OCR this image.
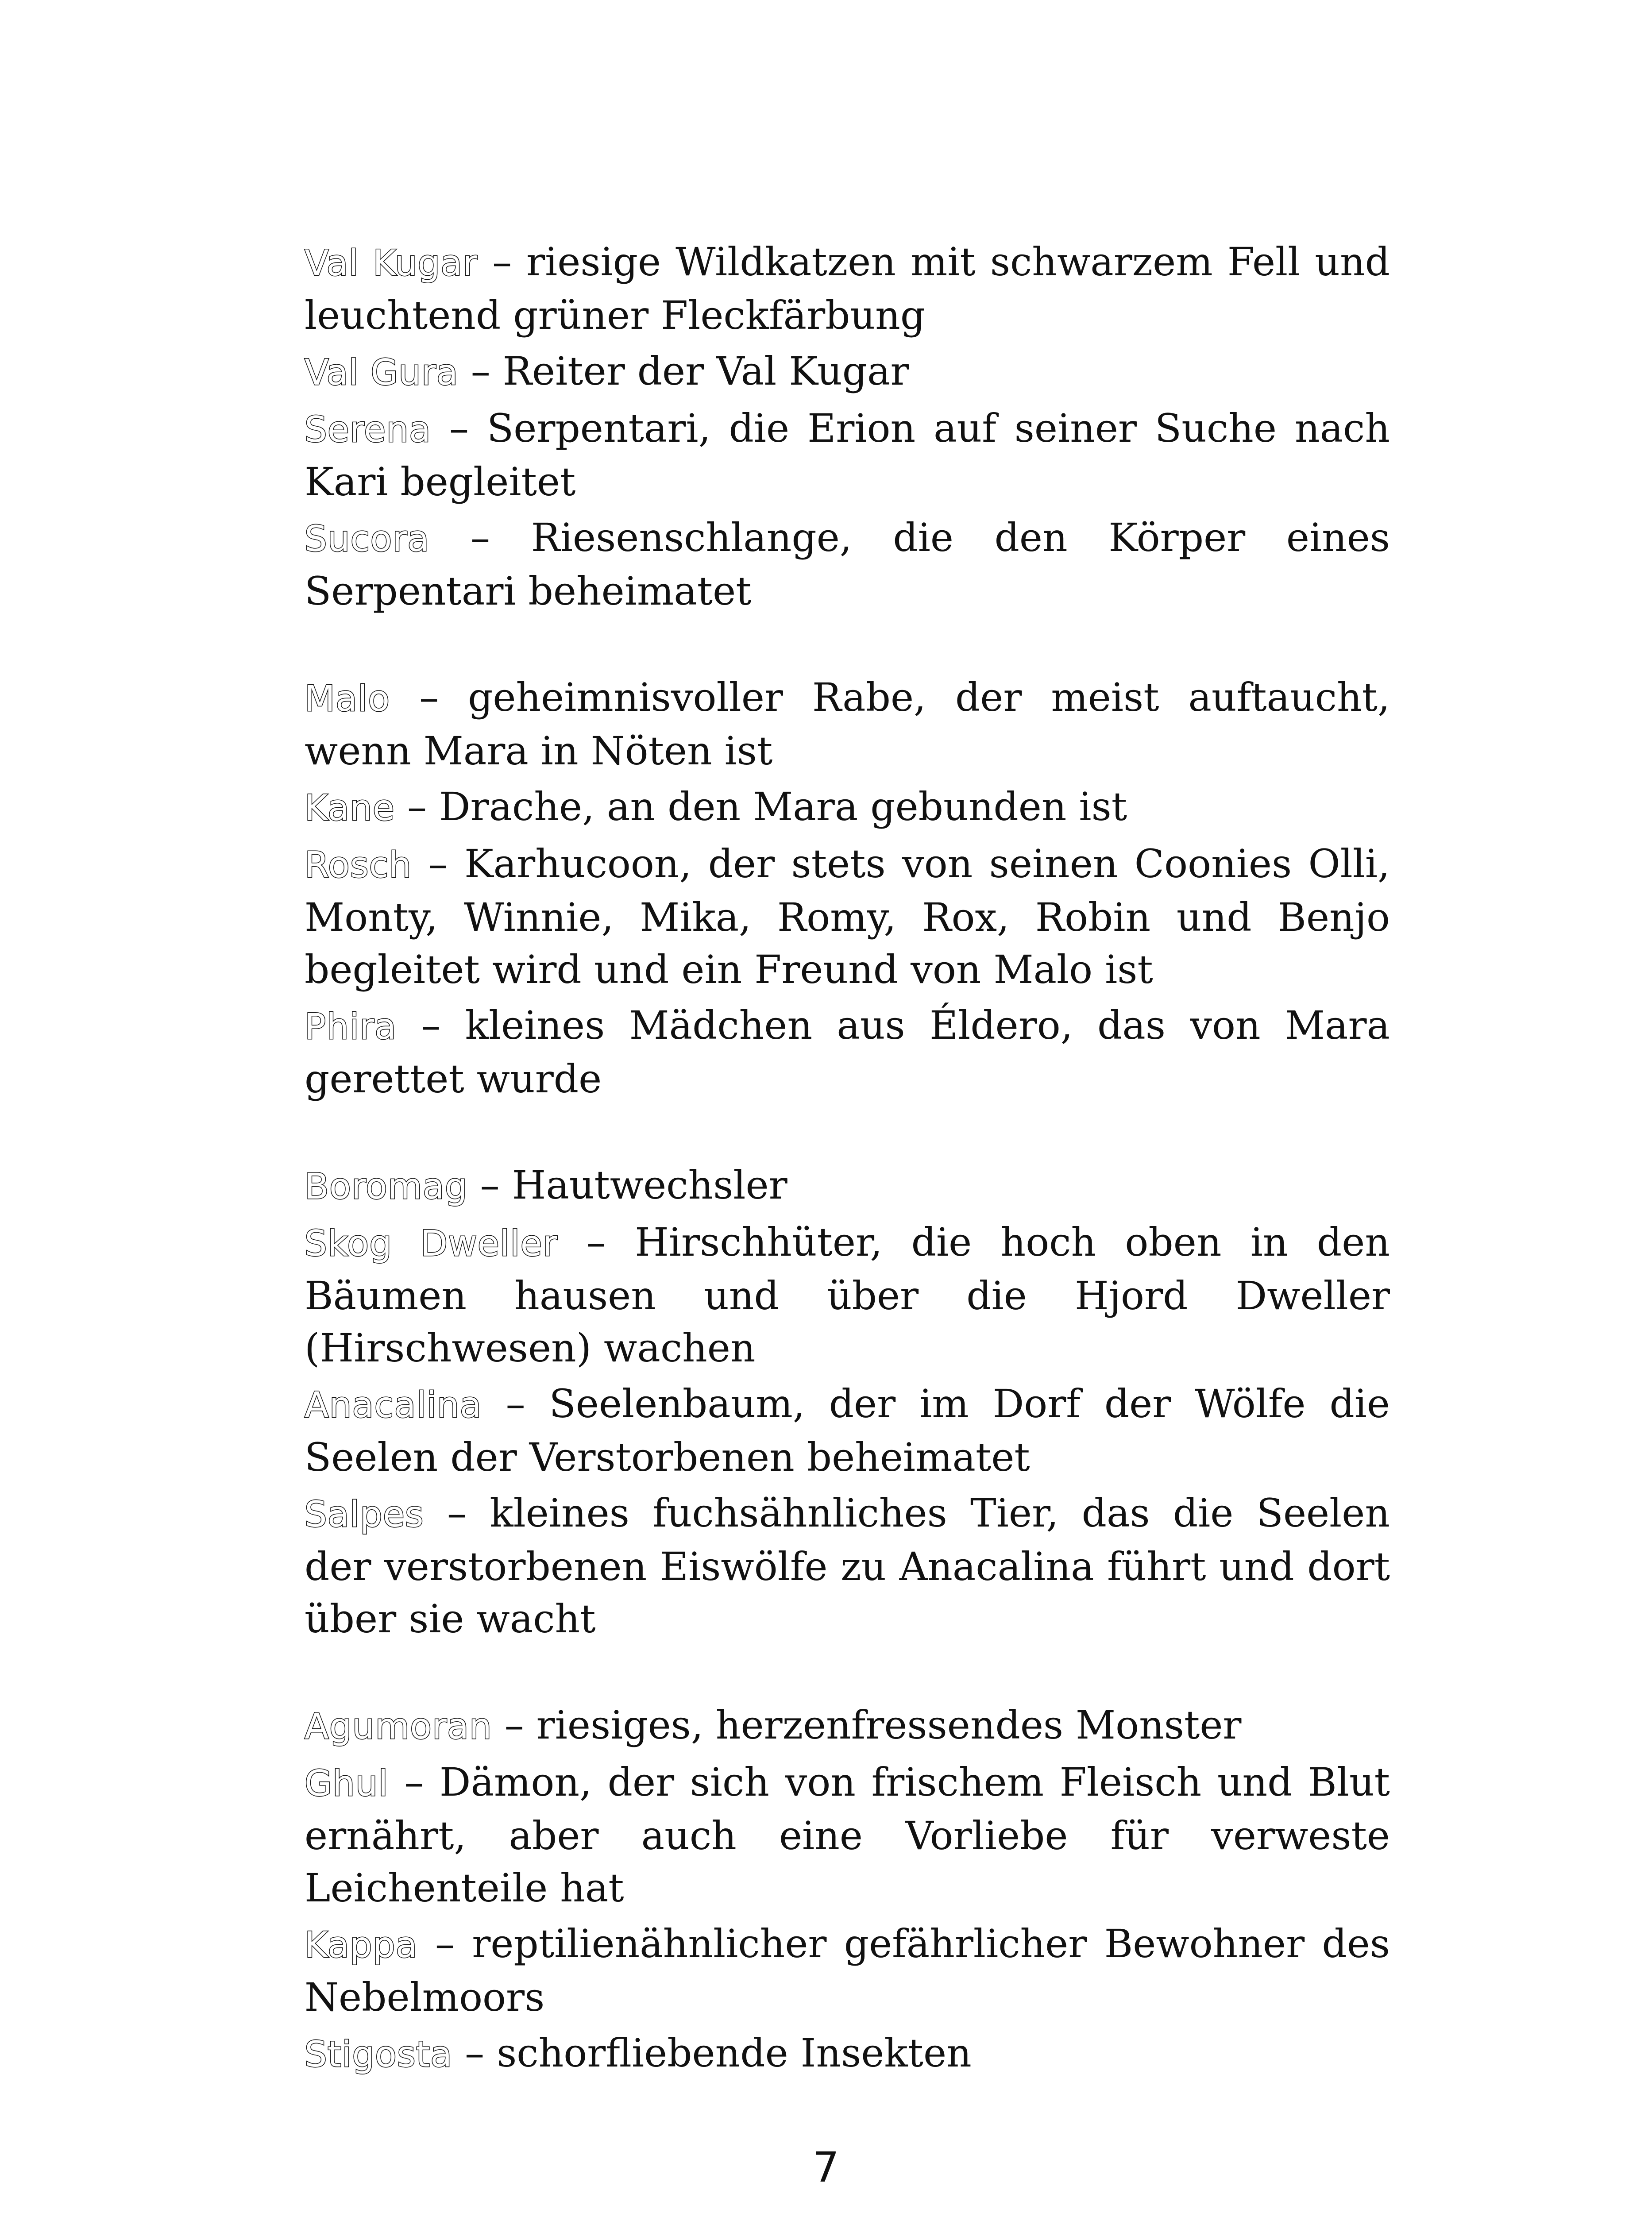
Val Kugar – riesige Wildkatzen mit schwarzem Fell und leuchtend grüner Fleckfärbung

Val Gura – Reiter der Val Kugar

Serena – Serpentari, die Erion auf seiner Suche nach Kari begleitet

Sucora – Riesenschlange, die den Körper eines Serpentari beheimatet

Malo – geheimnisvoller Rabe, der meist auftaucht, wenn Mara in Nöten ist

Kane – Drache, an den Mara gebunden ist

Rosch – Karhucoon, der stets von seinen Coonies Olli, Monty, Winnie, Mika, Romy, Rox, Robin und Benjo begleitet wird und ein Freund von Malo ist

Phira – kleines Mädchen aus Éldero, das von Mara gerettet wurde

Boromag – Hautwechsler

Skog Dweller – Hirschhüter, die hoch oben in den Bäumen hausen und über die Hjord Dweller (Hirschwesen) wachen

Anacalina – Seelenbaum, der im Dorf der Wölfe die Seelen der Verstorbenen beheimatet

Salpes – kleines fuchsähnliches Tier, das die Seelen der verstorbenen Eiswölfe zu Anacalina führt und dort über sie wacht

Agumoran – riesiges, herzenfressendes Monster

Ghul – Dämon, der sich von frischem Fleisch und Blut ernährt, aber auch eine Vorliebe für verweste Leichenteile hat

Kappa – reptilienähnlicher gefährlicher Bewohner des Nebelmoors

Stigosta – schorfliebende Insekten

7
